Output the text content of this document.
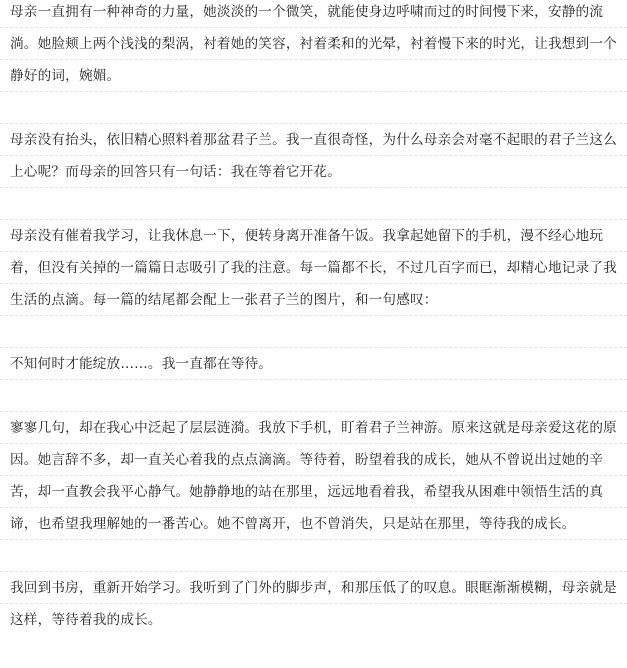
母亲一直拥有一种神奇的力量，她淡淡的一个微笑，就能使身边呼啸而过的时间慢下来，安静的流
淌。她脸颊上两个浅浅的梨涡，衬着她的笑容，衬着柔和的光晕，衬着慢下来的时光，让我想到一个
静好的词，婉媚。
母亲没有抬头，依旧精心照料着那盆君子兰。我一直很奇怪，为什么母亲会对毫不起眼的君子兰这么
上心呢？而母亲的回答只有一句话：我在等着它开花。
母亲没有催着我学习，让我休息一下，便转身离开准备午饭。我拿起她留下的手机，漫不经心地玩
着，但没有关掉的一篇篇日志吸引了我的注意。每一篇都不长，不过几百字而已，却精心地记录了我
生活的点滴。每一篇的结尾都会配上一张君子兰的图片，和一句感叹：
不知何时才能绽放……。我一直都在等待。
寥寥几句，却在我心中泛起了层层涟漪。我放下手机，盯着君子兰神游。原来这就是母亲爱这花的原
因。她言辞不多，却一直关心着我的点点滴滴。等待着，盼望着我的成长，她从不曾说出过她的辛
苦，却一直教会我平心静气。她静静地的站在那里，远远地看着我，希望我从困难中领悟生活的真
谛，也希望我理解她的一番苦心。她不曾离开，也不曾消失，只是站在那里，等待我的成长。
我回到书房，重新开始学习。我听到了门外的脚步声，和那压低了的叹息。眼眶渐渐模糊，母亲就是
这样，等待着我的成长。
